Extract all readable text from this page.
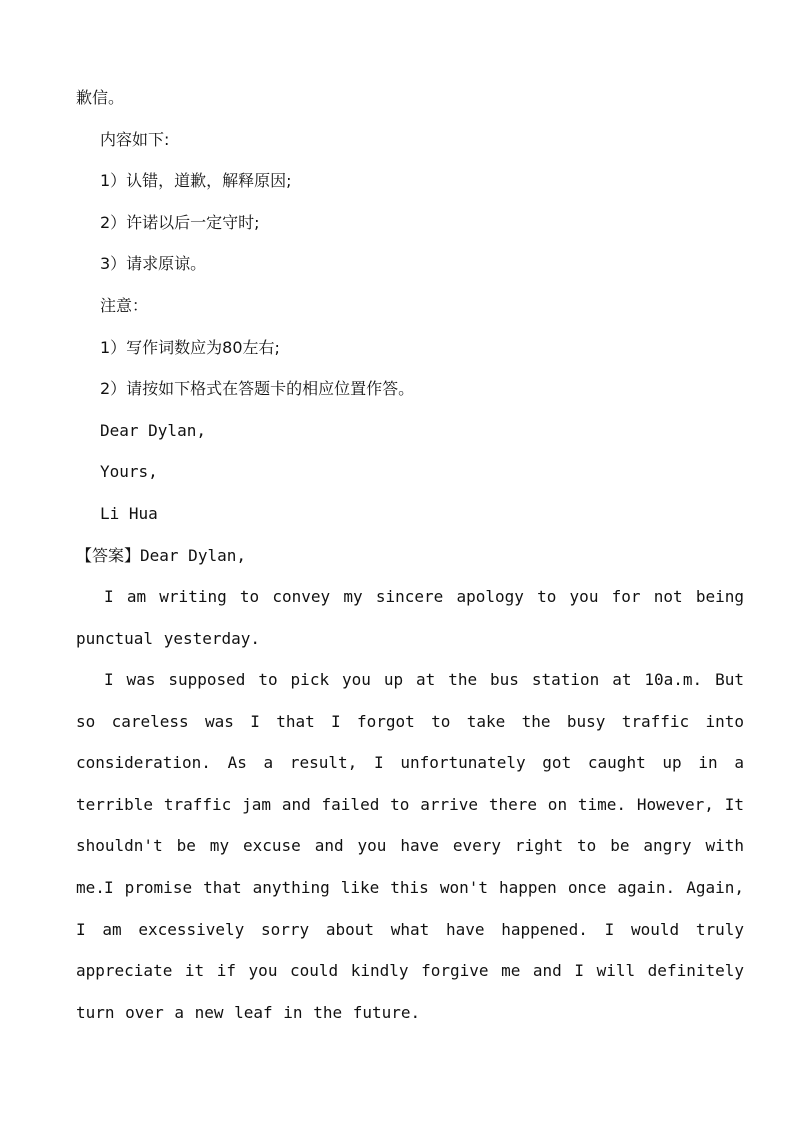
歉信。
内容如下:
1）认错，道歉，解释原因;
2）许诺以后一定守时;
3）请求原谅。
注意：
1）写作词数应为80左右;
2）请按如下格式在答题卡的相应位置作答。
Dear Dylan,
Yours,
Li Hua
【答案】Dear Dylan,
I am writing to convey my sincere apology to you for not being punctual yesterday.
I was supposed to pick you up at the bus station at 10a.m. But so careless was I that I forgot to take the busy traffic into consideration. As a result, I unfortunately got caught up in a terrible traffic jam and failed to arrive there on time. However, It shouldn't be my excuse and you have every right to be angry with me. I promise that anything like this won't happen once again. Again, I am excessively sorry about what have happened. I would truly appreciate it if you could kindly forgive me and I will definitely turn over a new leaf in the future.
